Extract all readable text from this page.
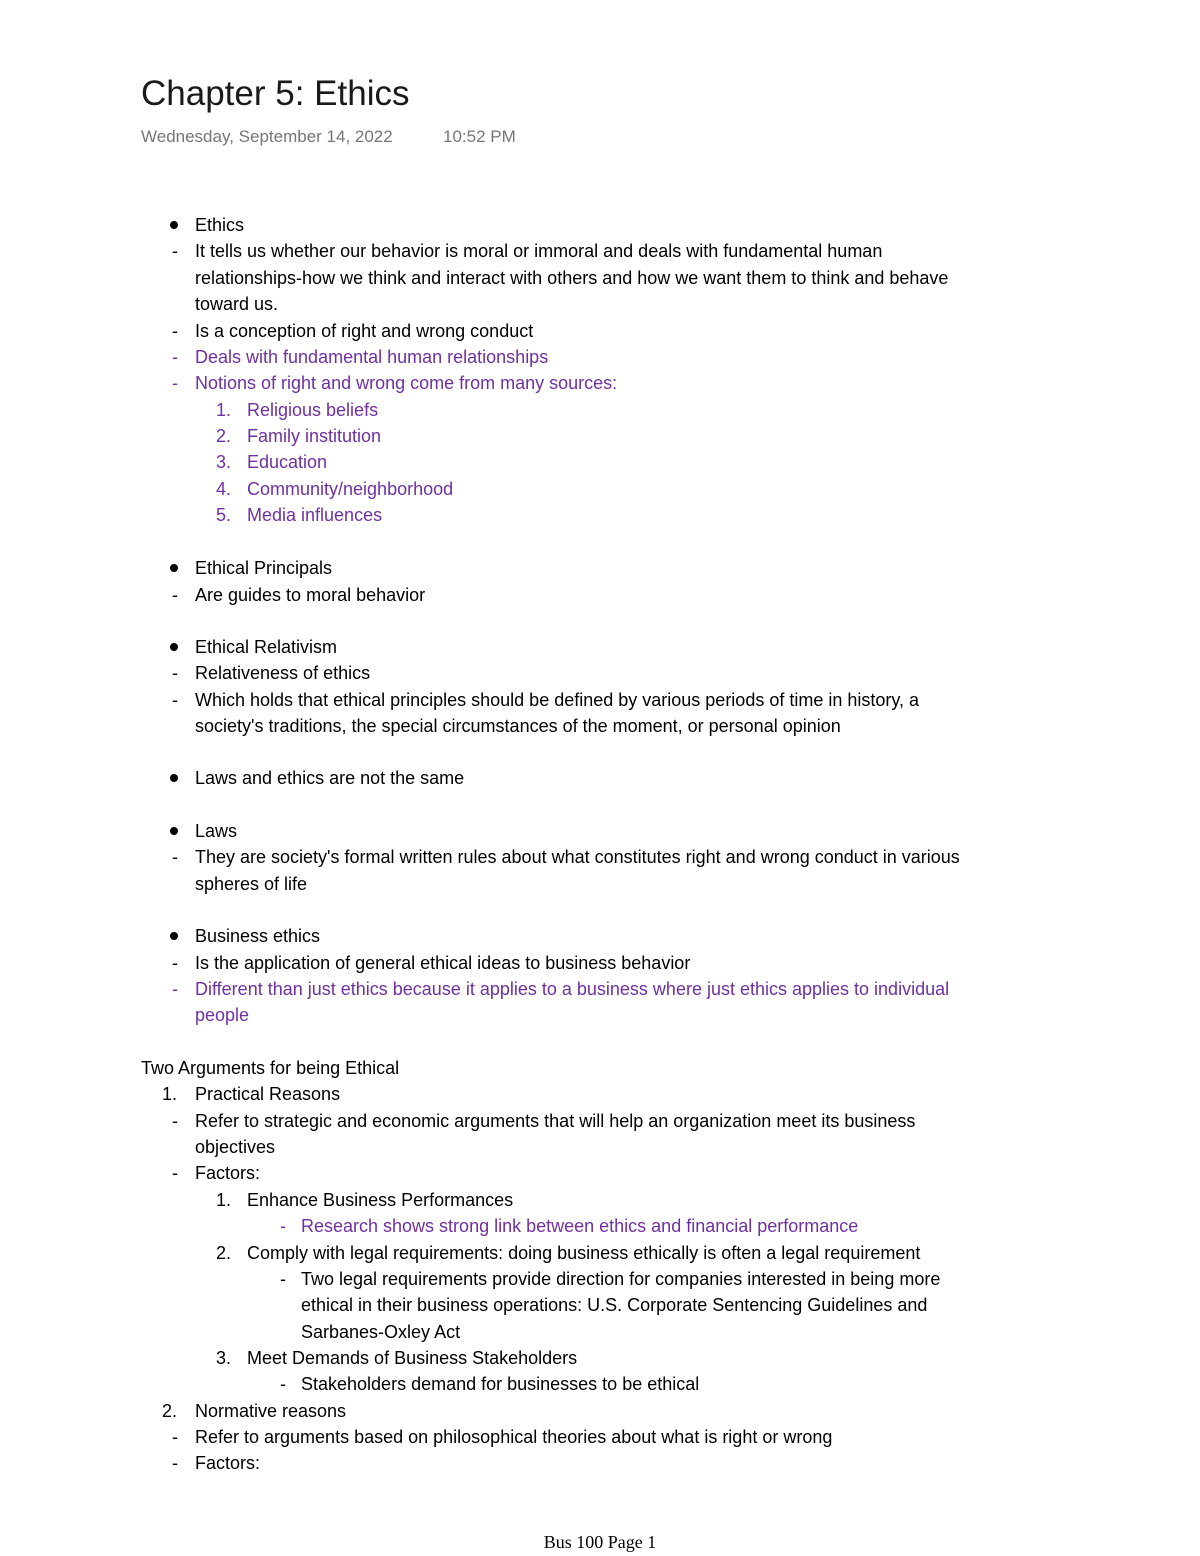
Chapter 5: Ethics
Wednesday, September 14, 2022	10:52 PM
Ethics
- It tells us whether our behavior is moral or immoral and deals with fundamental human
relationships-how we think and interact with others and how we want them to think and behave
toward us.
- Is a conception of right and wrong conduct
- Deals with fundamental human relationships
- Notions of right and wrong come from many sources:
1. Religious beliefs
2. Family institution
3. Education
4. Community/neighborhood
5. Media influences
Ethical Principals
- Are guides to moral behavior
Ethical Relativism
- Relativeness of ethics
- Which holds that ethical principles should be defined by various periods of time in history, a
society's traditions, the special circumstances of the moment, or personal opinion
Laws and ethics are not the same
Laws
- They are society's formal written rules about what constitutes right and wrong conduct in various
spheres of life
Business ethics
- Is the application of general ethical ideas to business behavior
- Different than just ethics because it applies to a business where just ethics applies to individual
people
Two Arguments for being Ethical
1. Practical Reasons
- Refer to strategic and economic arguments that will help an organization meet its business
objectives
- Factors:
1. Enhance Business Performances
- Research shows strong link between ethics and financial performance
2. Comply with legal requirements: doing business ethically is often a legal requirement
- Two legal requirements provide direction for companies interested in being more
ethical in their business operations: U.S. Corporate Sentencing Guidelines and
Sarbanes-Oxley Act
3. Meet Demands of Business Stakeholders
- Stakeholders demand for businesses to be ethical
2. Normative reasons
- Refer to arguments based on philosophical theories about what is right or wrong
- Factors:
Bus 100 Page 1
